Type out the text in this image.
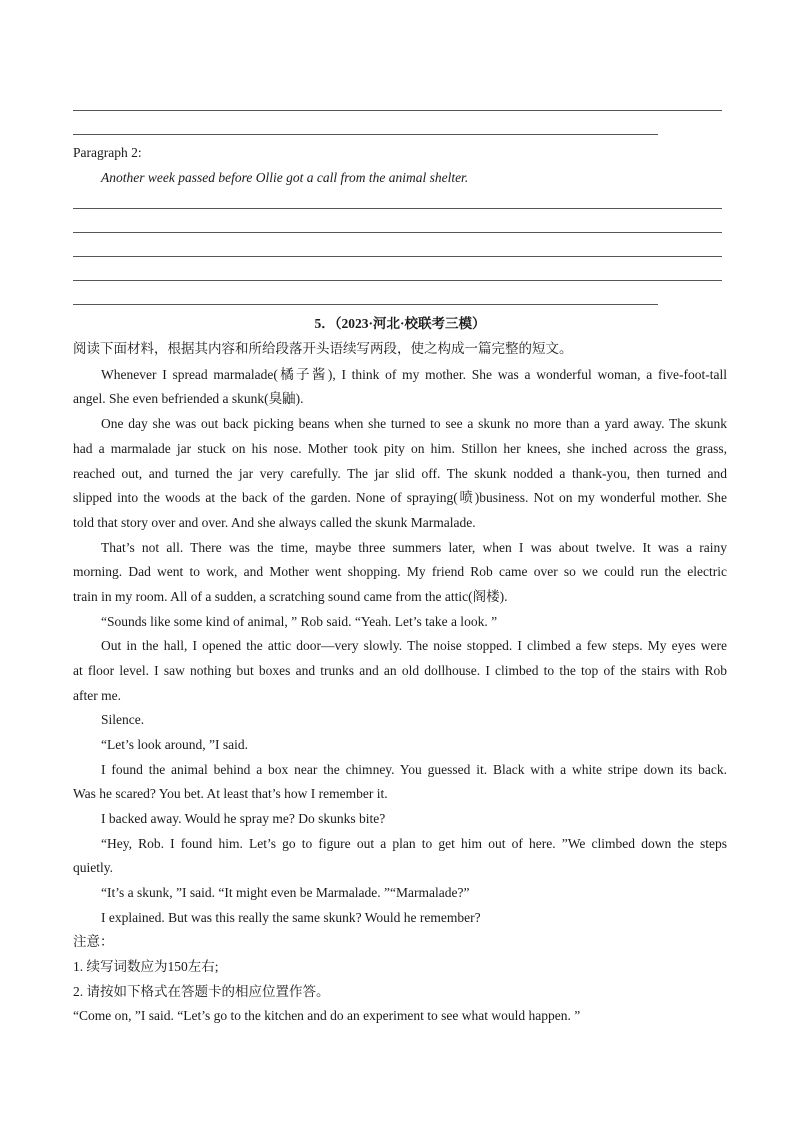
Paragraph 2:
Another week passed before Ollie got a call from the animal shelter.
5．（2023·河北·校联考三模）
阅读下面材料，根据其内容和所给段落开头语续写两段，使之构成一篇完整的短文。
Whenever I spread marmalade(橘子酱), I think of my mother. She was a wonderful woman, a five-foot-tall
angel. She even befriended a skunk(臭鼬).
One day she was out back picking beans when she turned to see a skunk no more than a yard away. The skunk
had a marmalade jar stuck on his nose. Mother took pity on him. Stillon her knees, she inched across the grass,
reached out, and turned the jar very carefully. The jar slid off. The skunk nodded a thank-you, then turned and
slipped into the woods at the back of the garden. None of spraying(喷)business. Not on my wonderful mother. She
told that story over and over. And she always called the skunk Marmalade.
That’s not all. There was the time, maybe three summers later, when I was about twelve. It was a rainy
morning. Dad went to work, and Mother went shopping. My friend Rob came over so we could run the electric
train in my room. All of a sudden, a scratching sound came from the attic(阁楼).
“Sounds like some kind of animal, ” Rob said. “Yeah. Let’s take a look. ”
Out in the hall, I opened the attic door—very slowly. The noise stopped. I climbed a few steps. My eyes were
at floor level. I saw nothing but boxes and trunks and an old dollhouse. I climbed to the top of the stairs with Rob
after me.
Silence.
“Let’s look around, ”I said.
I found the animal behind a box near the chimney. You guessed it. Black with a white stripe down its back.
Was he scared? You bet. At least that’s how I remember it.
I backed away. Would he spray me? Do skunks bite?
“Hey, Rob. I found him. Let’s go to figure out a plan to get him out of here. ”We climbed down the steps
quietly.
“It’s a skunk, ”I said. “It might even be Marmalade. ”“Marmalade?”
I explained. But was this really the same skunk? Would he remember?
注意：
1. 续写词数应为150左右;
2. 请按如下格式在答题卡的相应位置作答。
“Come on, ”I said. “Let’s go to the kitchen and do an experiment to see what would happen. ”
